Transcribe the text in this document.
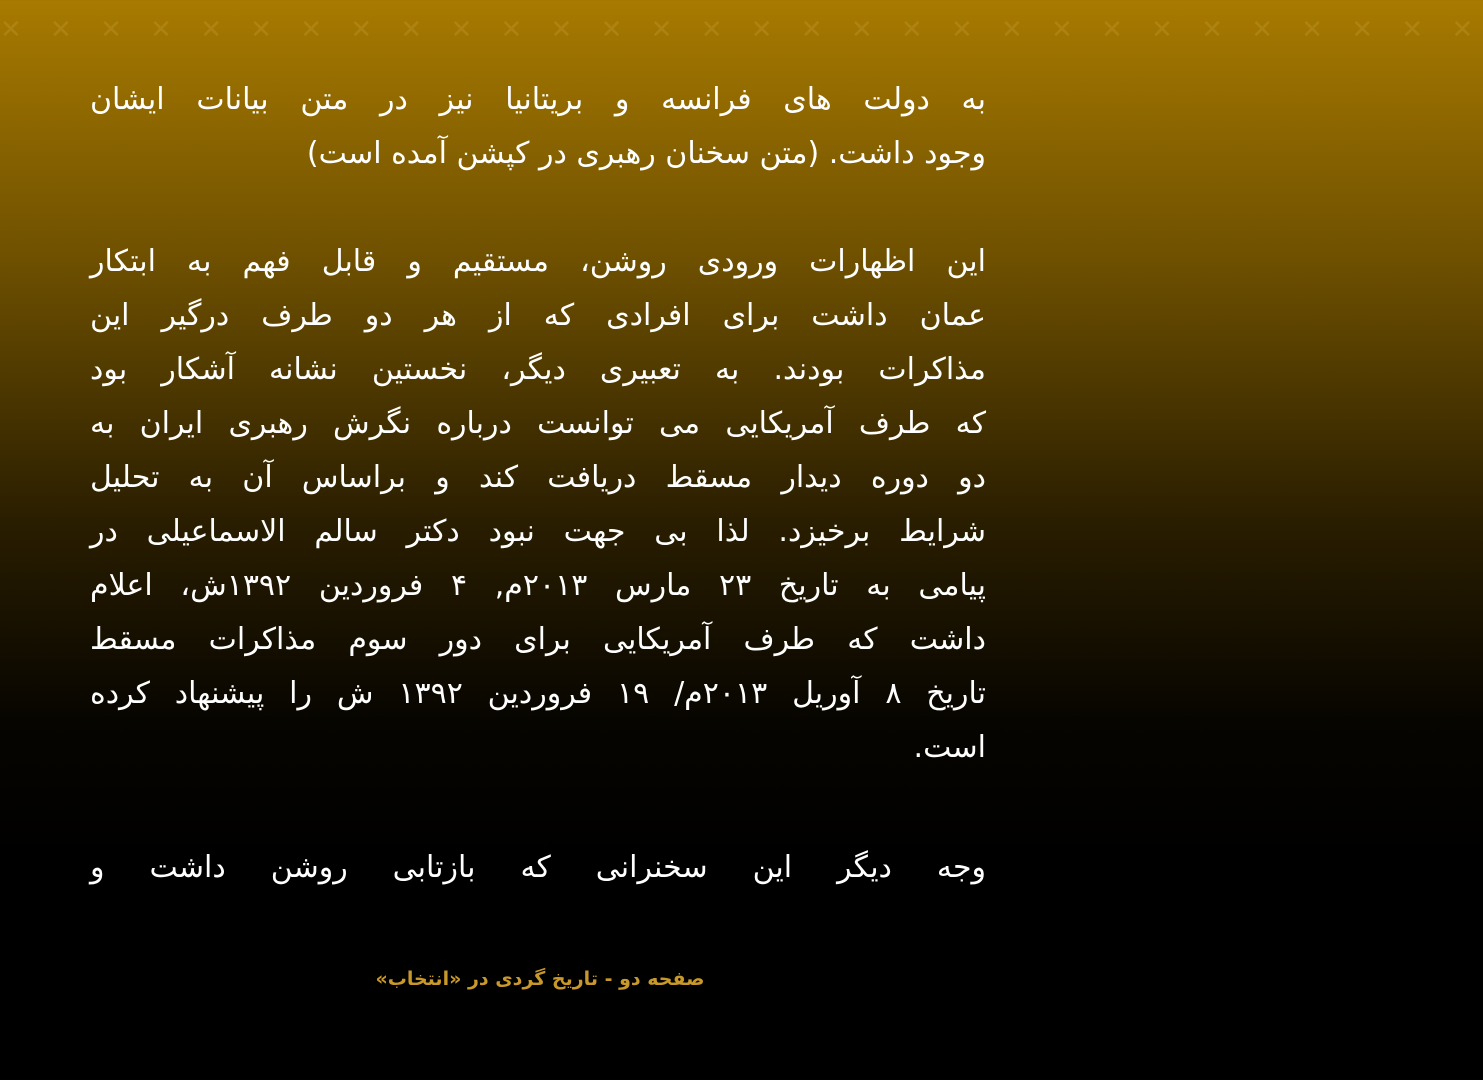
✕ ✕ ✕ ✕ ✕ ✕ ✕ ✕ ✕ ✕ ✕ ✕ ✕ ✕ ✕ ✕ ✕ ✕ ✕ ✕ ✕ ✕ ✕ ✕ ✕ ✕ ✕ ✕ ✕ ✕
به دولت های فرانسه و بریتانیا نیز در متن بیانات ایشان
وجود داشت. (متن سخنان رهبری در کپشن آمده است)
این اظهارات ورودی روشن، مستقیم و قابل فهم به ابتکار
عمان داشت برای افرادی که از هر دو طرف درگیر این
مذاکرات بودند. به تعبیری دیگر، نخستین نشانه آشکار بود
که طرف آمریکایی می توانست درباره نگرش رهبری ایران به
دو دوره دیدار مسقط دریافت کند و براساس آن به تحلیل
شرایط برخیزد. لذا بی جهت نبود دکتر سالم الاسماعیلی در
پیامی به تاریخ ۲۳ مارس ۲۰۱۳م, ۴ فروردین ۱۳۹۲ش، اعلام
داشت که طرف آمریکایی برای دور سوم مذاکرات مسقط
تاریخ ۸ آوریل ۲۰۱۳م/ ۱۹ فروردین ۱۳۹۲ ش را پیشنهاد کرده
است.
وجه دیگر این سخنرانی که بازتابی روشن داشت و
صفحه دو - تاریخ گردی در «انتخاب»
